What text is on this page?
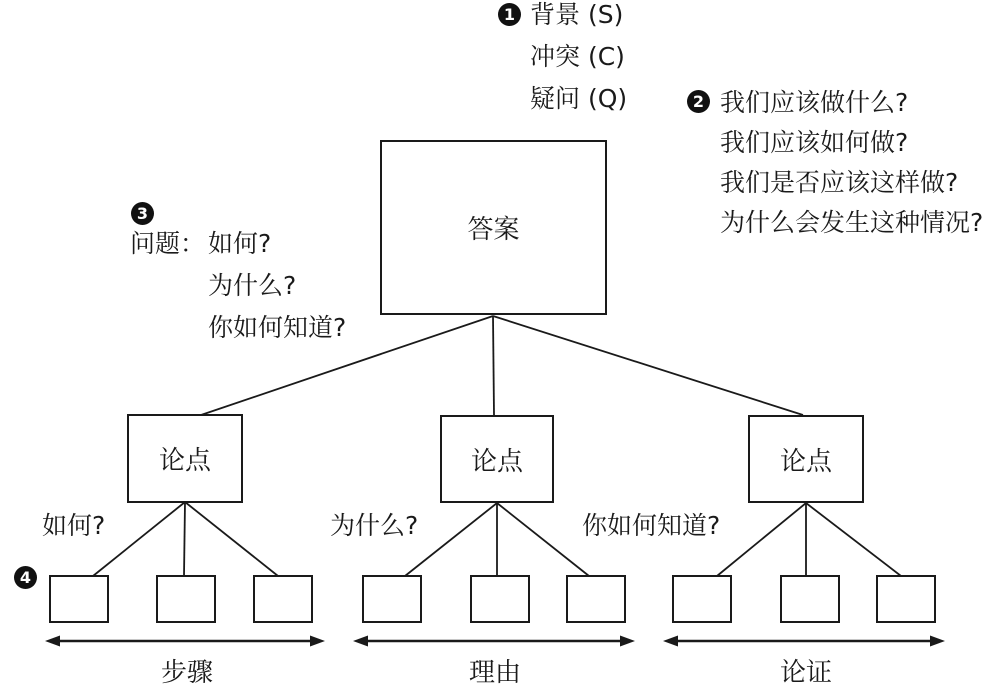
1 背景 (S)
冲突 (C)
疑问 (Q)	2 我们应该做什么?
我们应该如何做?
我们是否应该这样做?
为什么会发生这种情况?
3
问题： 如何?
为什么?
你如何知道?
4
答案
论点	论点	论点
如何?	为什么?	你如何知道?
步骤	理由	论证
